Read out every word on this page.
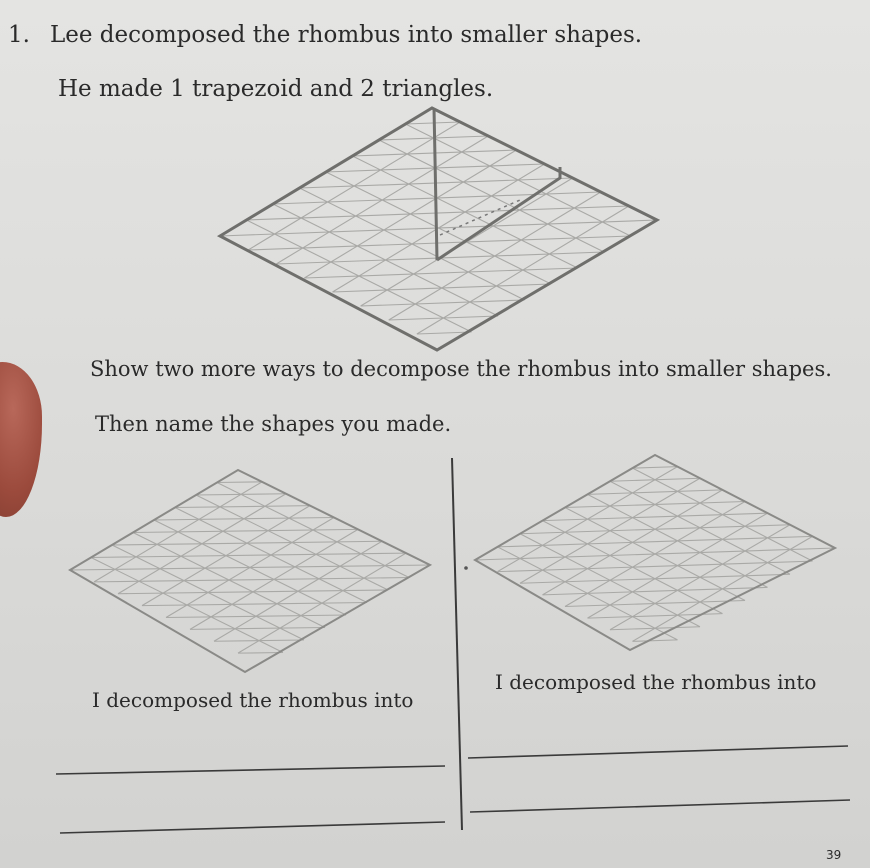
1. Lee decomposed the rhombus into smaller shapes.
He made 1 trapezoid and 2 triangles.
Show two more ways to decompose the rhombus into smaller shapes.
Then name the shapes you made.
I decomposed the rhombus into
I decomposed the rhombus into
39
